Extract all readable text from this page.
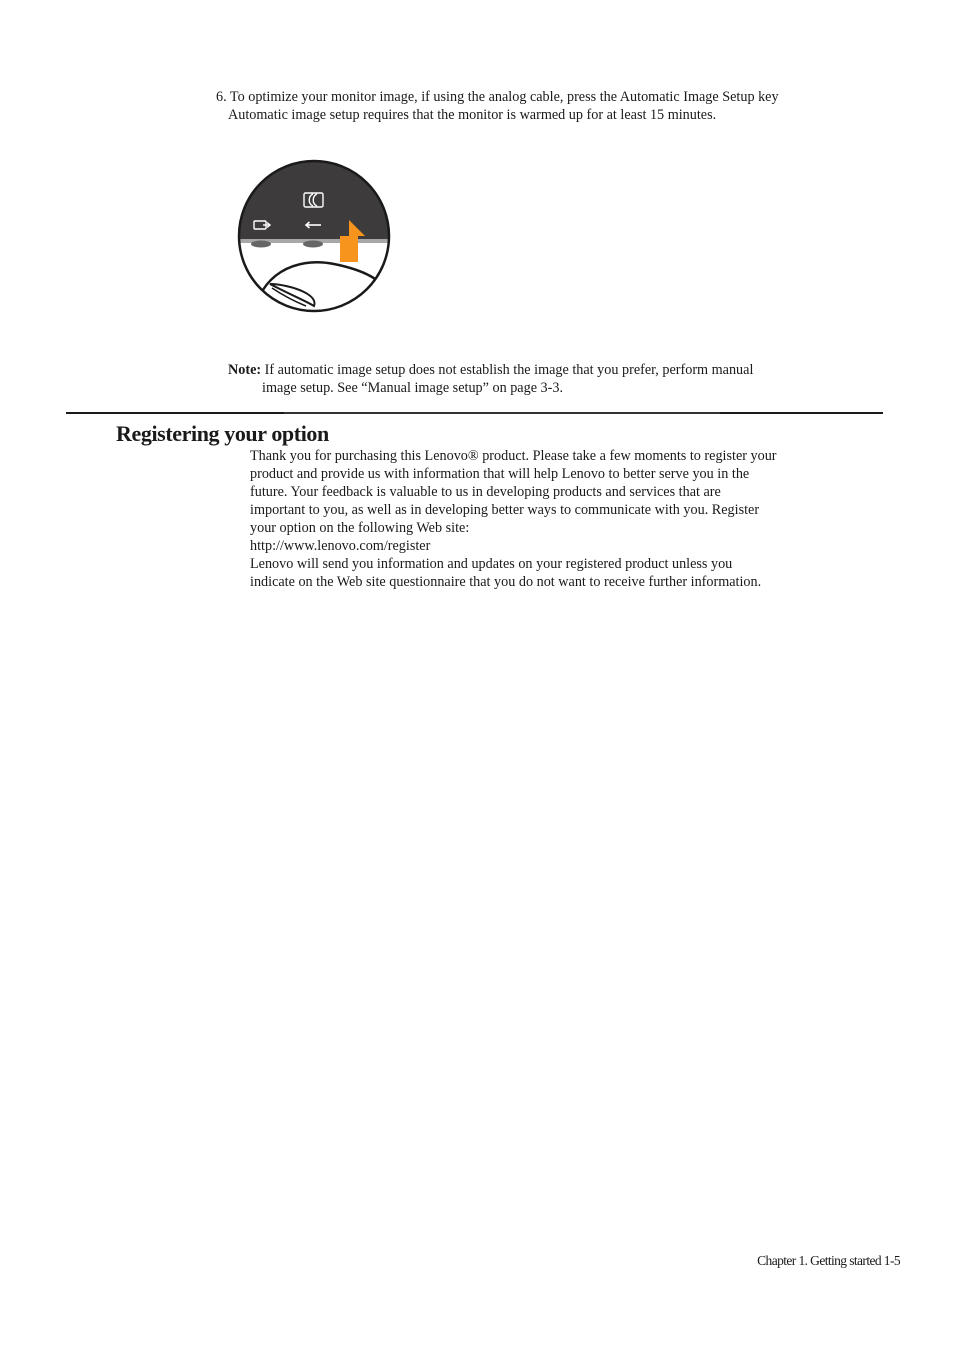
6. To optimize your monitor image, if using the analog cable, press the Automatic Image Setup key
Automatic image setup requires that the monitor is warmed up for at least 15 minutes.
Note: If automatic image setup does not establish the image that you prefer, perform manual
image setup. See “Manual image setup” on page 3-3.
Registering your option
Thank you for purchasing this Lenovo® product. Please take a few moments to register your
product and provide us with information that will help Lenovo to better serve you in the
future. Your feedback is valuable to us in developing products and services that are
important to you, as well as in developing better ways to communicate with you. Register
your option on the following Web site:
http://www.lenovo.com/register
Lenovo will send you information and updates on your registered product unless you
indicate on the Web site questionnaire that you do not want to receive further information.
Chapter 1. Getting started 1-5
